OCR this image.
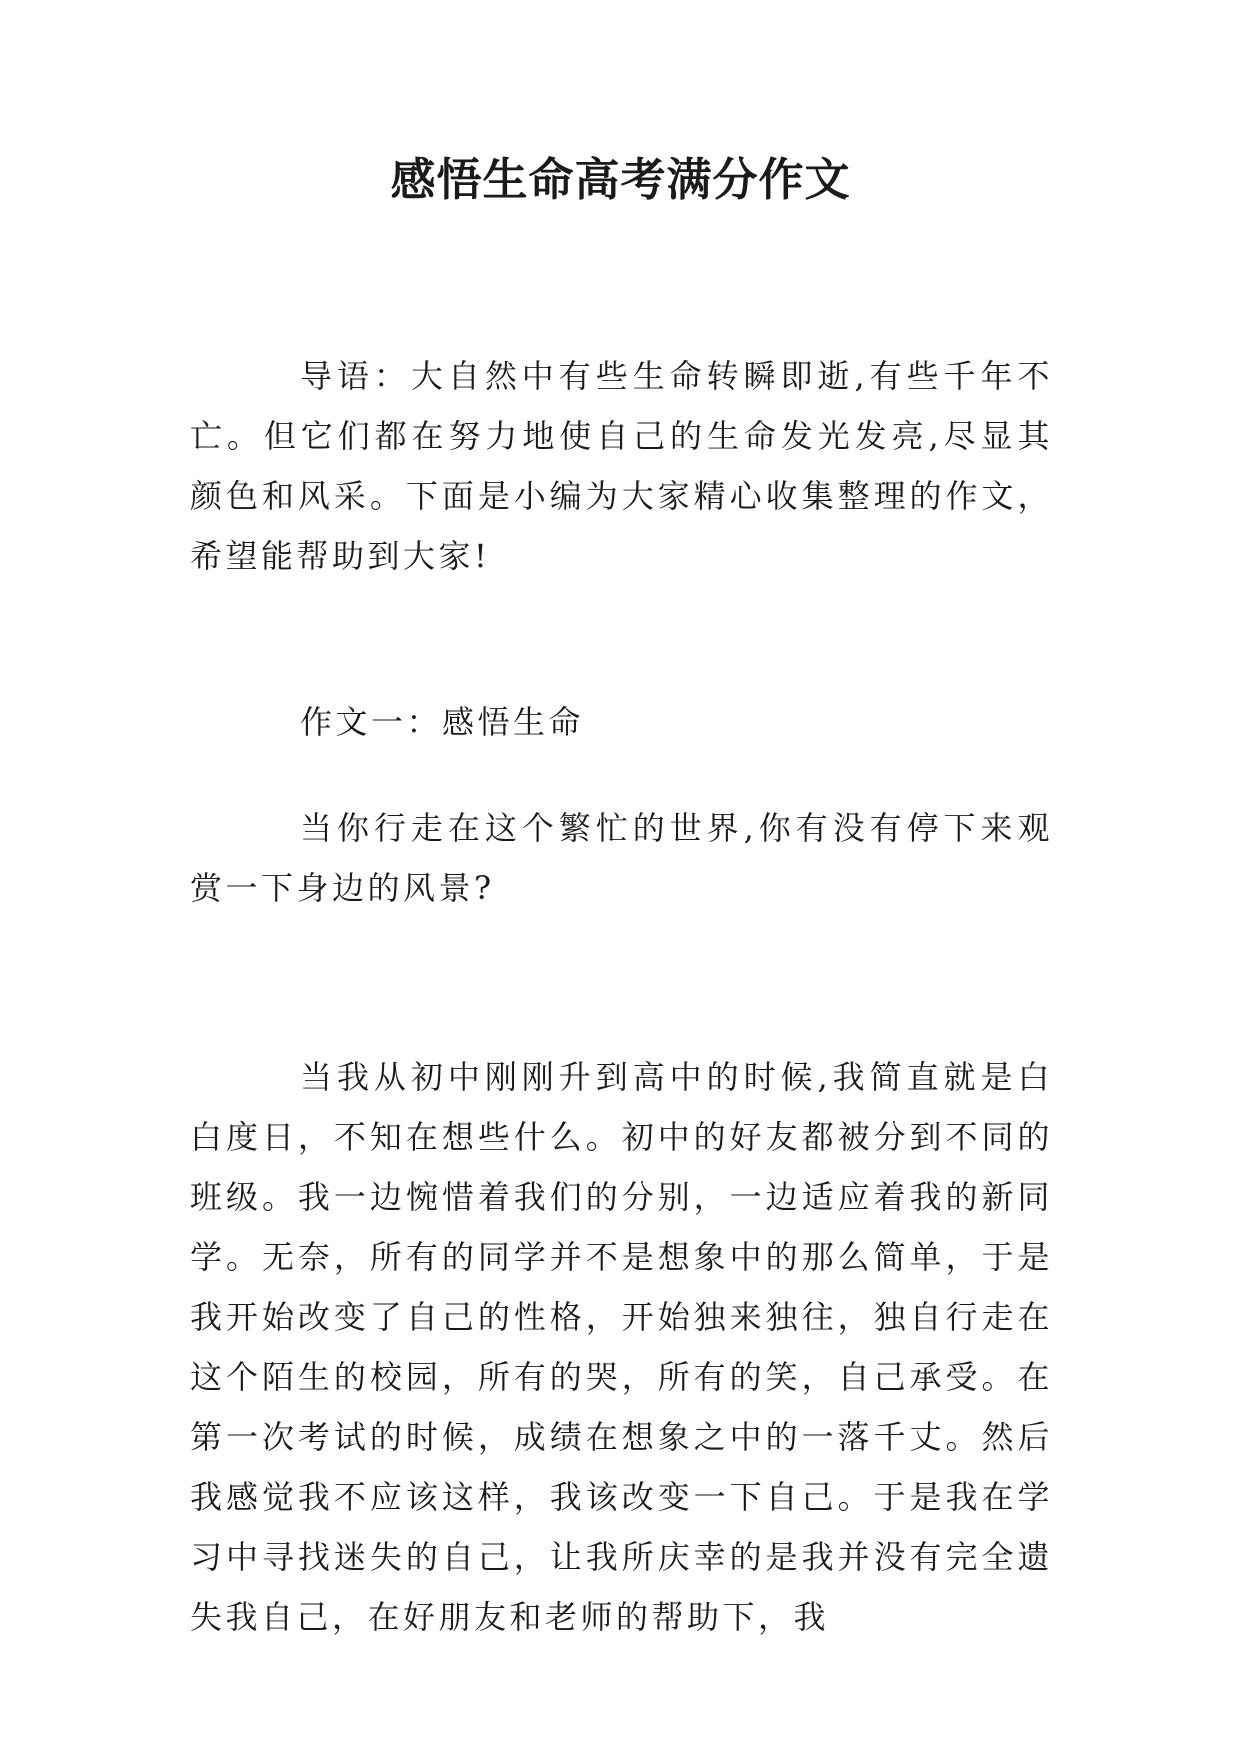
感悟生命高考满分作文

导语：大自然中有些生命转瞬即逝,有些千年不亡。但它们都在努力地使自己的生命发光发亮,尽显其颜色和风采。下面是小编为大家精心收集整理的作文，希望能帮助到大家!

作文一：感悟生命

当你行走在这个繁忙的世界,你有没有停下来观赏一下身边的风景?

当我从初中刚刚升到高中的时候,我简直就是白白度日，不知在想些什么。初中的好友都被分到不同的班级。我一边惋惜着我们的分别，一边适应着我的新同学。无奈，所有的同学并不是想象中的那么简单，于是我开始改变了自己的性格，开始独来独往，独自行走在这个陌生的校园，所有的哭，所有的笑，自己承受。在第一次考试的时候，成绩在想象之中的一落千丈。然后我感觉我不应该这样，我该改变一下自己。于是我在学习中寻找迷失的自己，让我所庆幸的是我并没有完全遗失我自己，在好朋友和老师的帮助下，我
